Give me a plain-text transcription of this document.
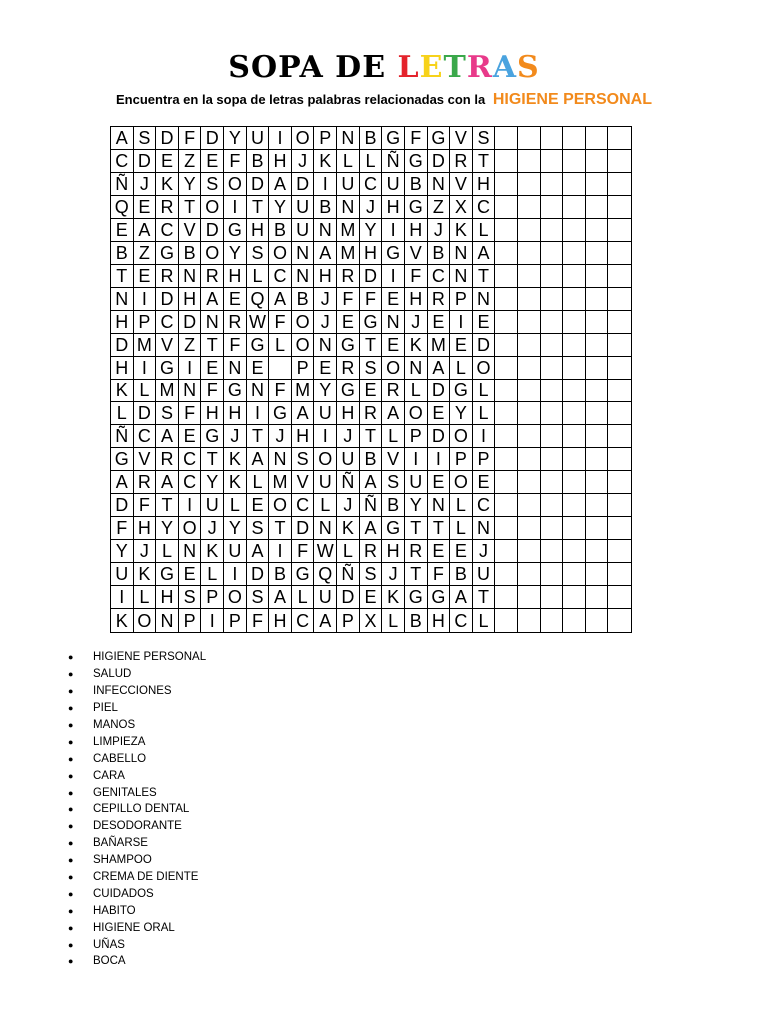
SOPA DE LETRAS
Encuentra en la sopa de letras palabras relacionadas con la HIGIENE PERSONAL
A S D F D Y U I O P N B G F G V S
C D E Z E F B H J K L L Ñ G D R T
Ñ J K Y S O D A D I U C U B N V H
Q E R T O I T Y U B N J H G Z X C
E A C V D G H B U N M Y I H J K L
B Z G B O Y S O N A M H G V B N A
T E R N R H L C N H R D I F C N T
N I D H A E Q A B J F F E H R P N
H P C D N R W F O J E G N J E I E
D M V Z T F G L O N G T E K M E D
H I G I E N E	P E R S O N A L O
K L M N F G N F M Y G E R L D G L
L D S F H H I G A U H R A O E Y L
Ñ C A E G J T J H I J T L P D O I
G V R C T K A N S O U B V I I P P
A R A C Y K L M V U Ñ A S U E O E
D F T I U L E O C L J Ñ B Y N L C
F H Y O J Y S T D N K A G T T L N
Y J L N K U A I F W L R H R E E J
U K G E L I D B G Q Ñ S J T F B U
I L H S P O S A L U D E K G G A T
K O N P I P F H C A P X L B H C L
●	HIGIENE PERSONAL
●	SALUD
●	INFECCIONES
●	PIEL
●	MANOS
●	LIMPIEZA
●	CABELLO
●	CARA
●	GENITALES
●	CEPILLO DENTAL
●	DESODORANTE
●	BAÑARSE
●	SHAMPOO
●	CREMA DE DIENTE
●	CUIDADOS
●	HABITO
●	HIGIENE ORAL
●	UÑAS
●	BOCA
